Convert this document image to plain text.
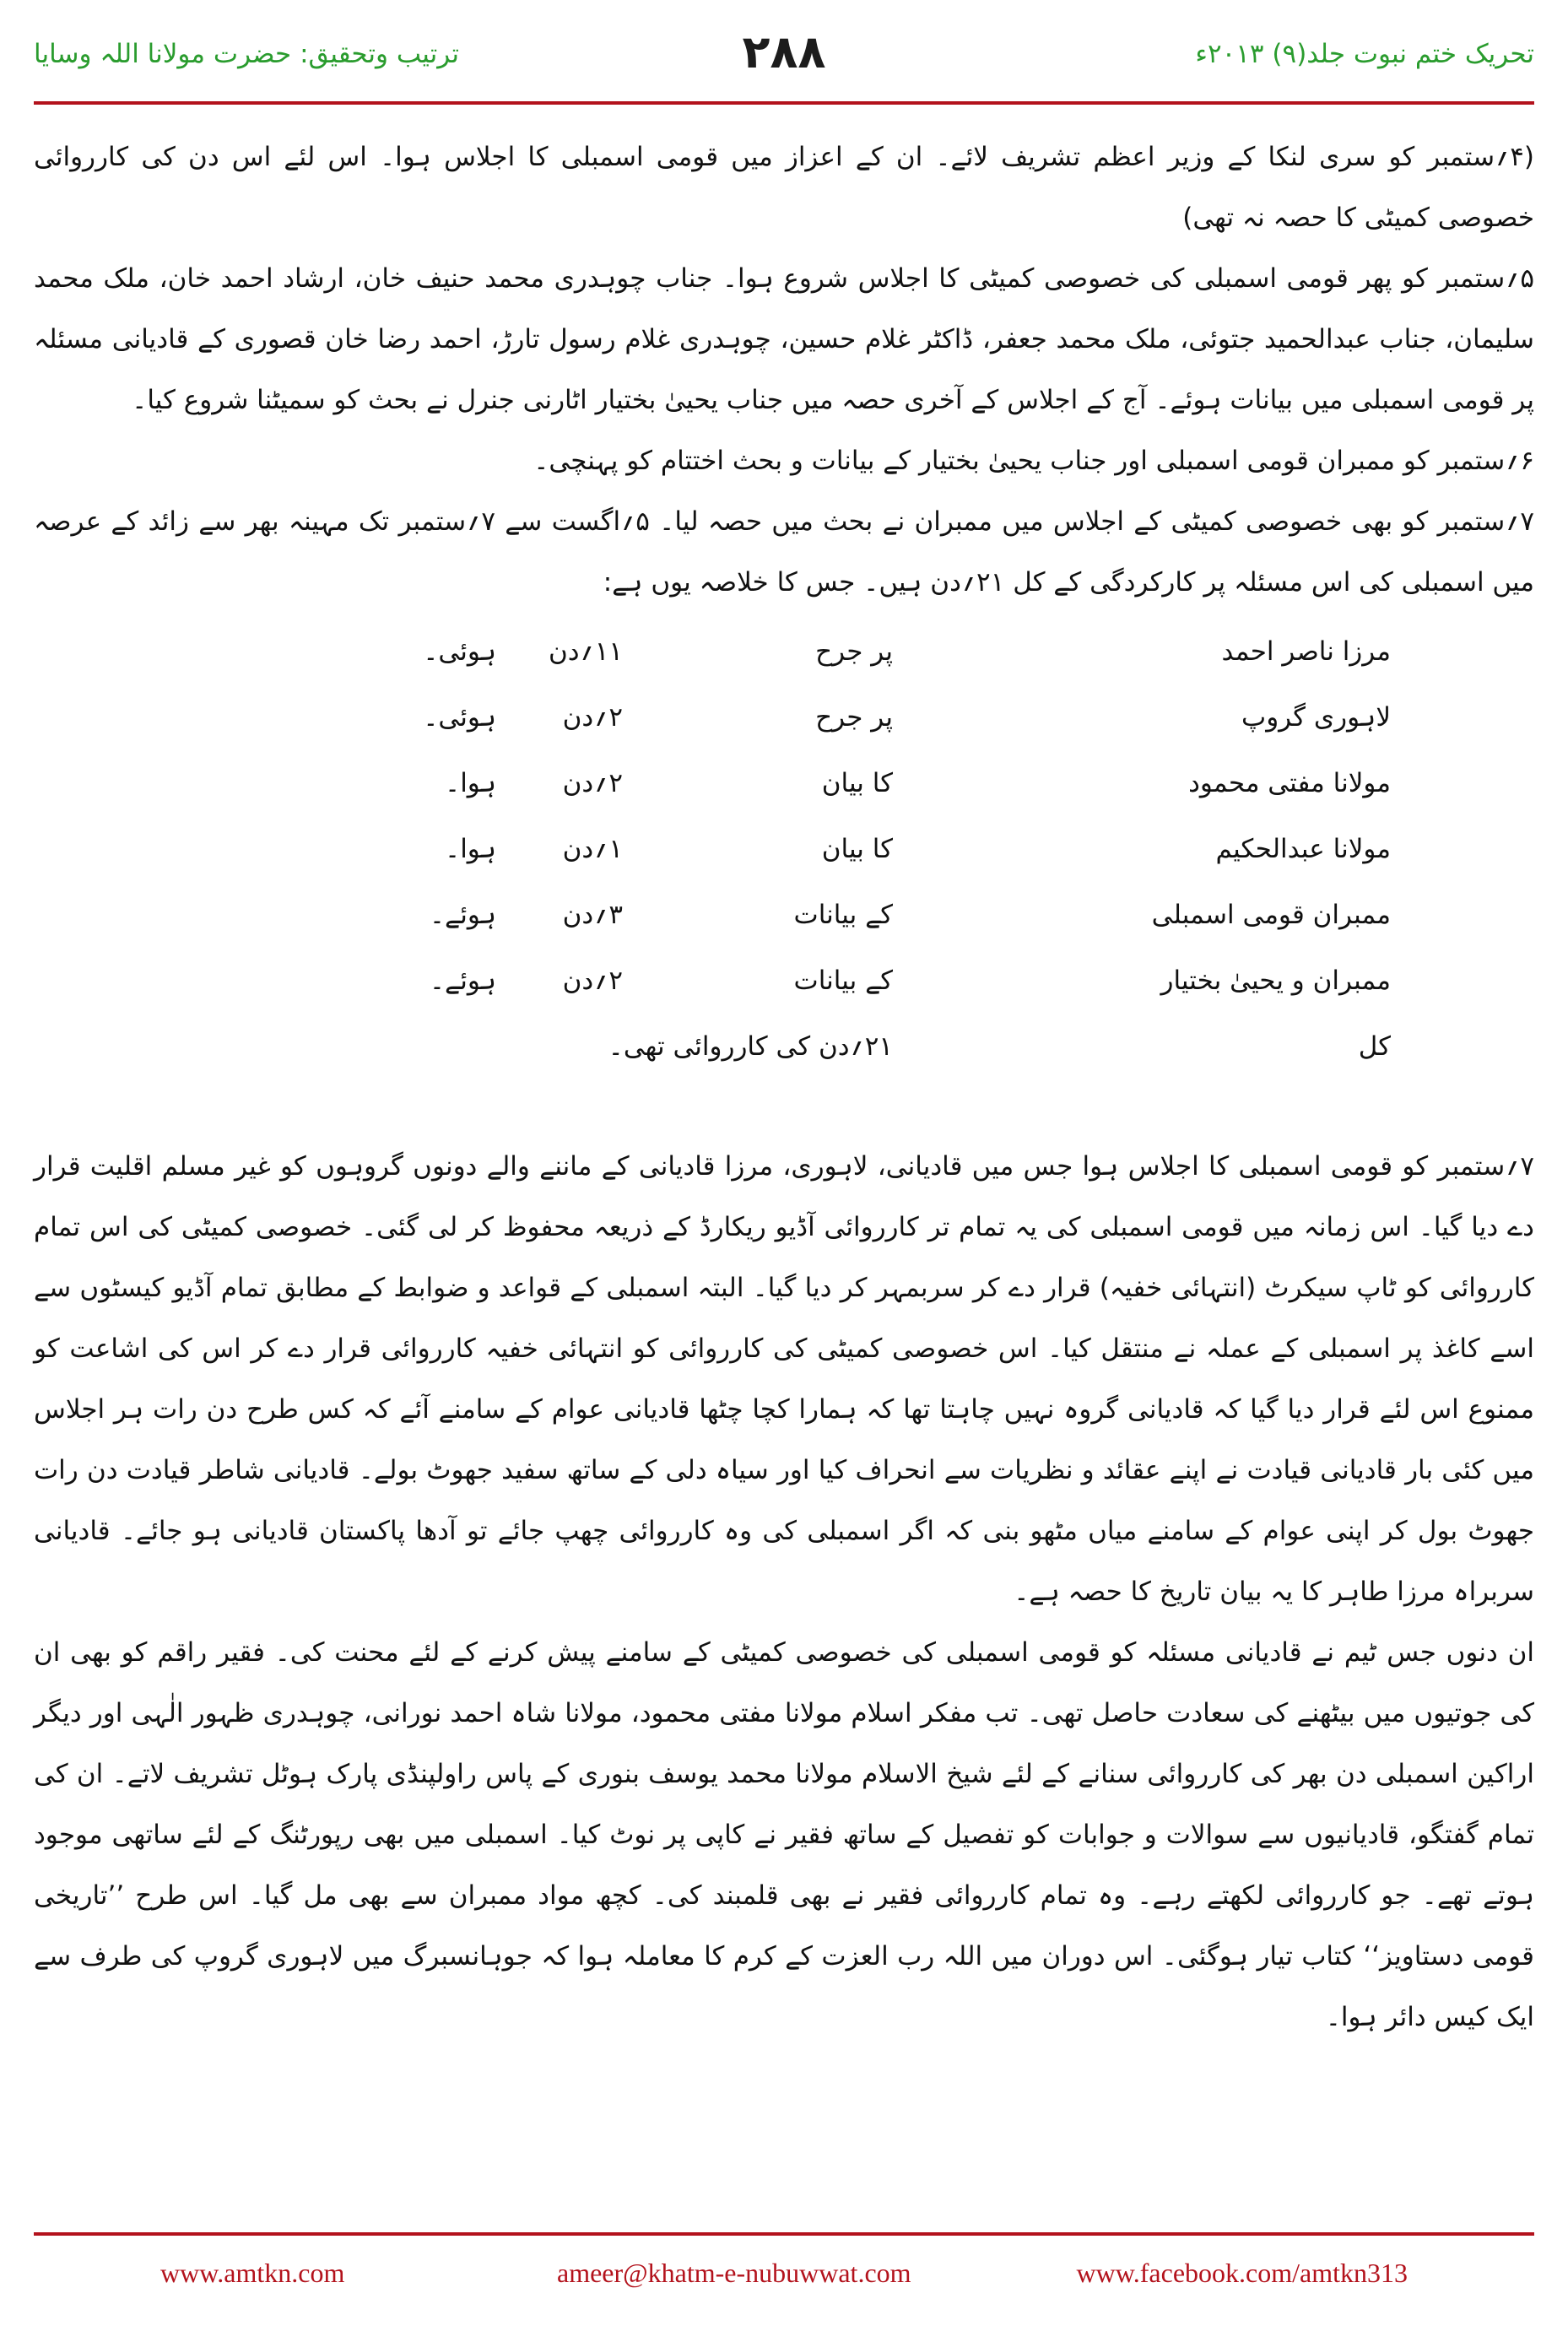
تحریک ختم نبوت جلد(۹) ۲۰۱۳ء
۲۸۸
ترتیب وتحقیق: حضرت مولانا اللہ وسایا

(۴؍ستمبر کو سری لنکا کے وزیر اعظم تشریف لائے۔ ان کے اعزاز میں قومی اسمبلی کا اجلاس ہوا۔ اس لئے اس دن کی کارروائی خصوصی کمیٹی کا حصہ نہ تھی)

۵؍ستمبر کو پھر قومی اسمبلی کی خصوصی کمیٹی کا اجلاس شروع ہوا۔ جناب چوہدری محمد حنیف خان، ارشاد احمد خان، ملک محمد سلیمان، جناب عبدالحمید جتوئی، ملک محمد جعفر، ڈاکٹر غلام حسین، چوہدری غلام رسول تارڑ، احمد رضا خان قصوری کے قادیانی مسئلہ پر قومی اسمبلی میں بیانات ہوئے۔ آج کے اجلاس کے آخری حصہ میں جناب یحییٰ بختیار اٹارنی جنرل نے بحث کو سمیٹنا شروع کیا۔

۶؍ستمبر کو ممبران قومی اسمبلی اور جناب یحییٰ بختیار کے بیانات و بحث اختتام کو پہنچی۔

۷؍ستمبر کو بھی خصوصی کمیٹی کے اجلاس میں ممبران نے بحث میں حصہ لیا۔ ۵؍اگست سے ۷؍ستمبر تک مہینہ بھر سے زائد کے عرصہ میں اسمبلی کی اس مسئلہ پر کارکردگی کے کل ۲۱؍دن ہیں۔ جس کا خلاصہ یوں ہے:

مرزا ناصر احمد
پر جرح
۱۱؍دن
ہوئی۔
لاہوری گروپ
پر جرح
۲؍دن
ہوئی۔
مولانا مفتی محمود
کا بیان
۲؍دن
ہوا۔
مولانا عبدالحکیم
کا بیان
۱؍دن
ہوا۔
ممبران قومی اسمبلی
کے بیانات
۳؍دن
ہوئے۔
ممبران و یحییٰ بختیار
کے بیانات
۲؍دن
ہوئے۔
کل
۲۱؍دن کی کارروائی تھی۔

۷؍ستمبر کو قومی اسمبلی کا اجلاس ہوا جس میں قادیانی، لاہوری، مرزا قادیانی کے ماننے والے دونوں گروہوں کو غیر مسلم اقلیت قرار دے دیا گیا۔ اس زمانہ میں قومی اسمبلی کی یہ تمام تر کارروائی آڈیو ریکارڈ کے ذریعہ محفوظ کر لی گئی۔ خصوصی کمیٹی کی اس تمام کارروائی کو ٹاپ سیکرٹ (انتہائی خفیہ) قرار دے کر سربمہر کر دیا گیا۔ البتہ اسمبلی کے قواعد و ضوابط کے مطابق تمام آڈیو کیسٹوں سے اسے کاغذ پر اسمبلی کے عملہ نے منتقل کیا۔ اس خصوصی کمیٹی کی کارروائی کو انتہائی خفیہ کارروائی قرار دے کر اس کی اشاعت کو ممنوع اس لئے قرار دیا گیا کہ قادیانی گروہ نہیں چاہتا تھا کہ ہمارا کچا چٹھا قادیانی عوام کے سامنے آئے کہ کس طرح دن رات ہر اجلاس میں کئی بار قادیانی قیادت نے اپنے عقائد و نظریات سے انحراف کیا اور سیاہ دلی کے ساتھ سفید جھوٹ بولے۔ قادیانی شاطر قیادت دن رات جھوٹ بول کر اپنی عوام کے سامنے میاں مٹھو بنی کہ اگر اسمبلی کی وہ کارروائی چھپ جائے تو آدھا پاکستان قادیانی ہو جائے۔ قادیانی سربراہ مرزا طاہر کا یہ بیان تاریخ کا حصہ ہے۔

ان دنوں جس ٹیم نے قادیانی مسئلہ کو قومی اسمبلی کی خصوصی کمیٹی کے سامنے پیش کرنے کے لئے محنت کی۔ فقیر راقم کو بھی ان کی جوتیوں میں بیٹھنے کی سعادت حاصل تھی۔ تب مفکر اسلام مولانا مفتی محمود، مولانا شاہ احمد نورانی، چوہدری ظہور الٰہی اور دیگر اراکین اسمبلی دن بھر کی کارروائی سنانے کے لئے شیخ الاسلام مولانا محمد یوسف بنوری کے پاس راولپنڈی پارک ہوٹل تشریف لاتے۔ ان کی تمام گفتگو، قادیانیوں سے سوالات و جوابات کو تفصیل کے ساتھ فقیر نے کاپی پر نوٹ کیا۔ اسمبلی میں بھی رپورٹنگ کے لئے ساتھی موجود ہوتے تھے۔ جو کارروائی لکھتے رہے۔ وہ تمام کارروائی فقیر نے بھی قلمبند کی۔ کچھ مواد ممبران سے بھی مل گیا۔ اس طرح ’’تاریخی قومی دستاویز‘‘ کتاب تیار ہوگئی۔ اس دوران میں اللہ رب العزت کے کرم کا معاملہ ہوا کہ جوہانسبرگ میں لاہوری گروپ کی طرف سے ایک کیس دائر ہوا۔

www.amtkn.com	ameer@khatm-e-nubuwwat.com	www.facebook.com/amtkn313
